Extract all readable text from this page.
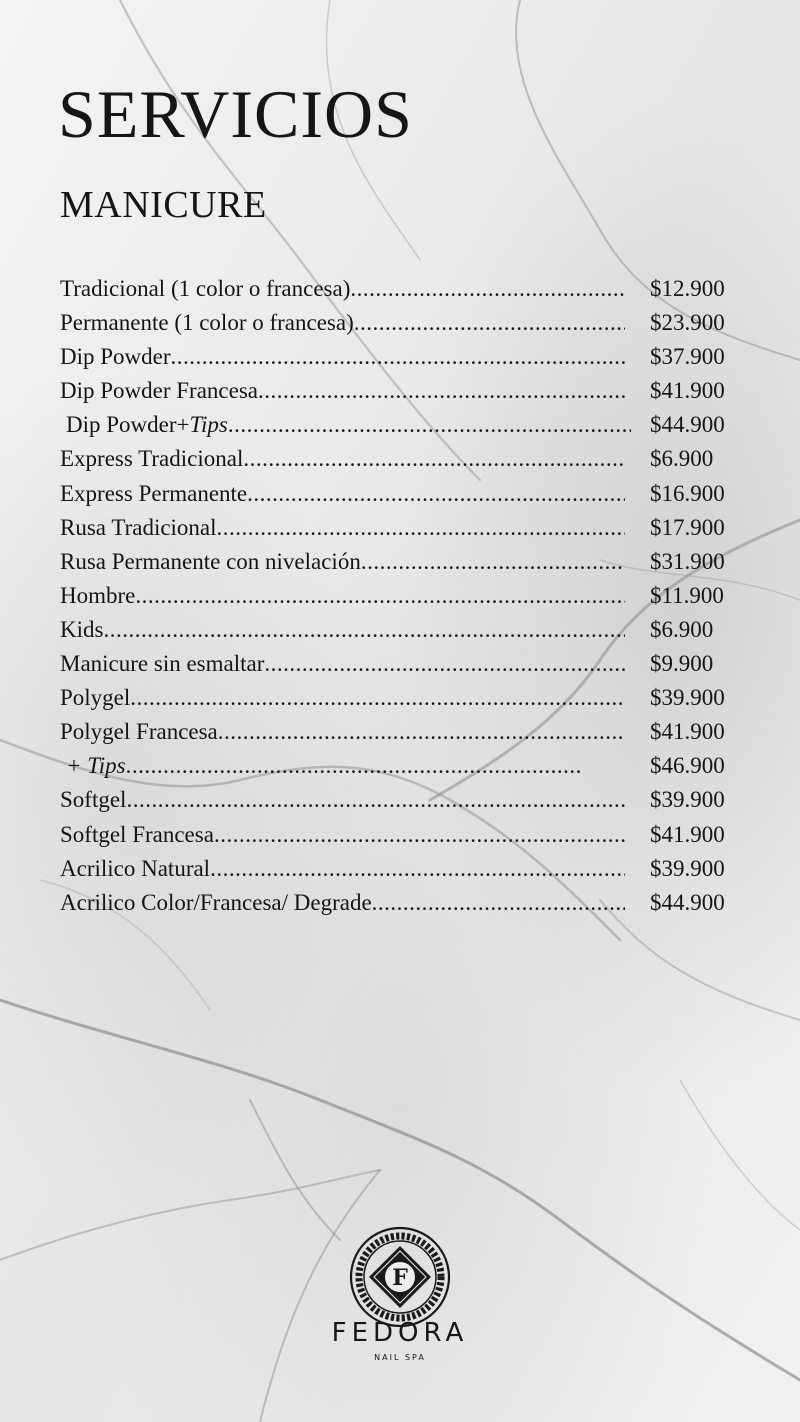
SERVICIOS
MANICURE
Tradicional (1 color o francesa) .....	$12.900
Permanente (1 color o francesa) .....	$23.900
Dip Powder .....	$37.900
Dip Powder Francesa .....	$41.900
Dip Powder+ Tips .....	$44.900
Express Tradicional .....	$6.900
Express Permanente .....	$16.900
Rusa Tradicional .....	$17.900
Rusa Permanente con nivelación .....	$31.900
Hombre .....	$11.900
Kids .....	$6.900
Manicure sin esmaltar .....	$9.900
Polygel .....	$39.900
Polygel Francesa .....	$41.900
+ Tips .....	$46.900
Softgel .....	$39.900
Softgel Francesa .....	$41.900
Acrilico Natural .....	$39.900
Acrilico Color/Francesa/ Degrade .....	$44.900
F
FEDORA
NAIL SPA
